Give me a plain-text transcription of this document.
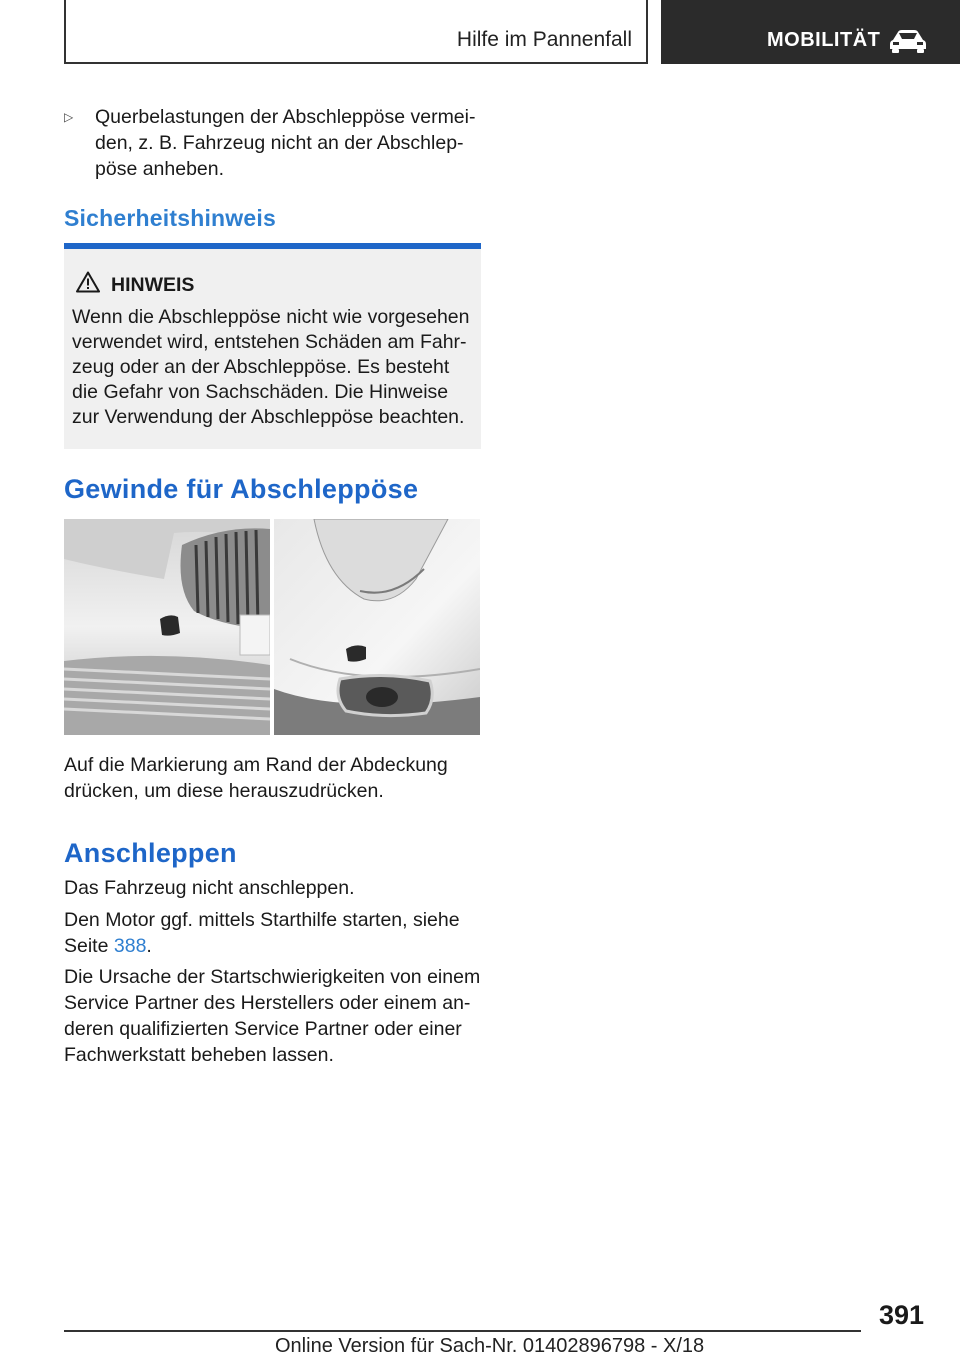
Hilfe im Pannenfall	MOBILITÄT
▷ Querbelastungen der Abschleppöse vermei-den, z. B. Fahrzeug nicht an der Abschlep-pöse anheben.
Sicherheitshinweis
HINWEIS
Wenn die Abschleppöse nicht wie vorgesehen verwendet wird, entstehen Schäden am Fahr-zeug oder an der Abschleppöse. Es besteht die Gefahr von Sachschäden. Die Hinweise zur Verwendung der Abschleppöse beachten.
Gewinde für Abschleppöse
Auf die Markierung am Rand der Abdeckung drücken, um diese herauszudrücken.
Anschleppen
Das Fahrzeug nicht anschleppen.
Den Motor ggf. mittels Starthilfe starten, siehe Seite 388.
Die Ursache der Startschwierigkeiten von einem Service Partner des Herstellers oder einem an-deren qualifizierten Service Partner oder einer Fachwerkstatt beheben lassen.
391
Online Version für Sach-Nr. 01402896798 - X/18
